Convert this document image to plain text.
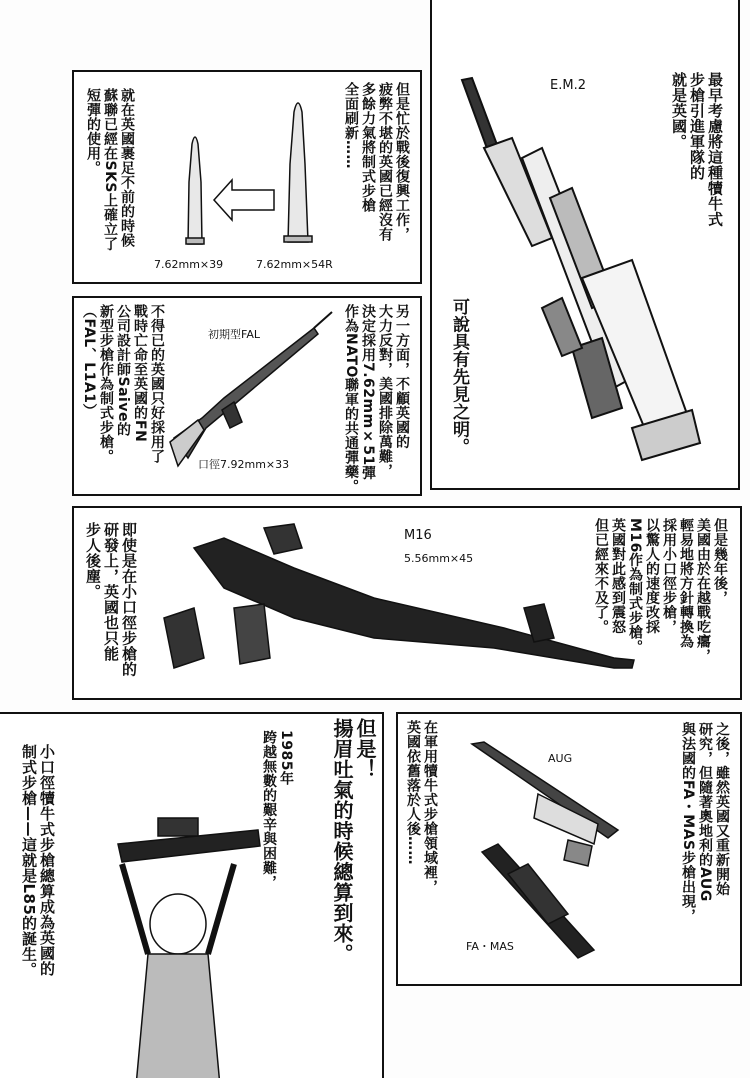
最早考慮將這種犢牛式
步槍引進軍隊的
就是英國。
可說具有先見之明。
E.M.2
但是忙於戰後復興工作，
疲弊不堪的英國已經沒有
多餘力氣將制式步槍
全面刷新……
就在英國裹足不前的時候
蘇聯已經在SKS上確立了
短彈的使用。
7.62mm×39	7.62mm×54R
另一方面，不顧英國的
大力反對，美國排除萬難，
決定採用7.62mm×51彈
作為NATO聯軍的共通彈藥。
不得已的英國只好採用了
戰時亡命至英國的FN
公司設計師Saive的
新型步槍作為制式步槍。
（FAL、L1A1）	初期型FAL
口徑7.92mm×33
但是幾年後，
美國由於在越戰吃癟，
輕易地將方針轉換為
採用小口徑步槍，
以驚人的速度改採
M16作為制式步槍。
英國對此感到震怒
但已經來不及了。
即使是在小口徑步槍的
研發上，英國也只能
步人後塵。	M16
5.56mm×45
1985年
跨越無數的艱辛與困難，	但是！
揚眉吐氣的時候總算到來。
小口徑犢牛式步槍總算成為英國的
制式步槍——這就是L85的誕生。	之後，雖然英國又重新開始
研究，但隨著奧地利的AUG
與法國的FA・MAS步槍出現，
在軍用犢牛式步槍領域裡，
英國依舊落於人後……	AUG
FA・MAS
